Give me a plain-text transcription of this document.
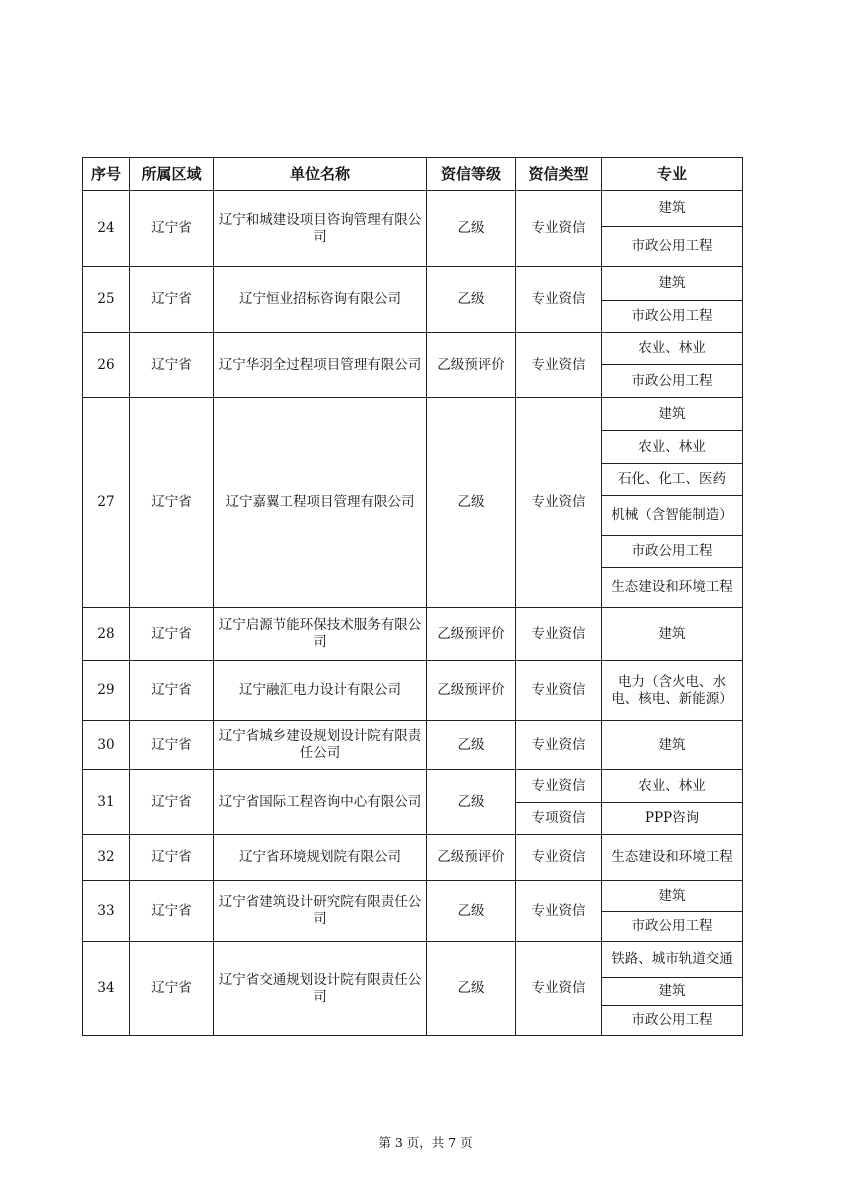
序号	所属区域	单位名称	资信等级	资信类型	专业
24	辽宁省	辽宁和城建设项目咨询管理有限公司	乙级	专业资信	建筑
					市政公用工程
25	辽宁省	辽宁恒业招标咨询有限公司	乙级	专业资信	建筑
					市政公用工程
26	辽宁省	辽宁华羽全过程项目管理有限公司	乙级预评价	专业资信	农业、林业
					市政公用工程
27	辽宁省	辽宁嘉翼工程项目管理有限公司	乙级	专业资信	建筑
					农业、林业
					石化、化工、医药
					机械（含智能制造）
					市政公用工程
					生态建设和环境工程
28	辽宁省	辽宁启源节能环保技术服务有限公司	乙级预评价	专业资信	建筑
29	辽宁省	辽宁融汇电力设计有限公司	乙级预评价	专业资信	电力（含火电、水电、核电、新能源）
30	辽宁省	辽宁省城乡建设规划设计院有限责任公司	乙级	专业资信	建筑
31	辽宁省	辽宁省国际工程咨询中心有限公司	乙级	专业资信	农业、林业
				专项资信	PPP咨询
32	辽宁省	辽宁省环境规划院有限公司	乙级预评价	专业资信	生态建设和环境工程
33	辽宁省	辽宁省建筑设计研究院有限责任公司	乙级	专业资信	建筑
					市政公用工程
34	辽宁省	辽宁省交通规划设计院有限责任公司	乙级	专业资信	铁路、城市轨道交通
					建筑
					市政公用工程
第 3 页，共 7 页
